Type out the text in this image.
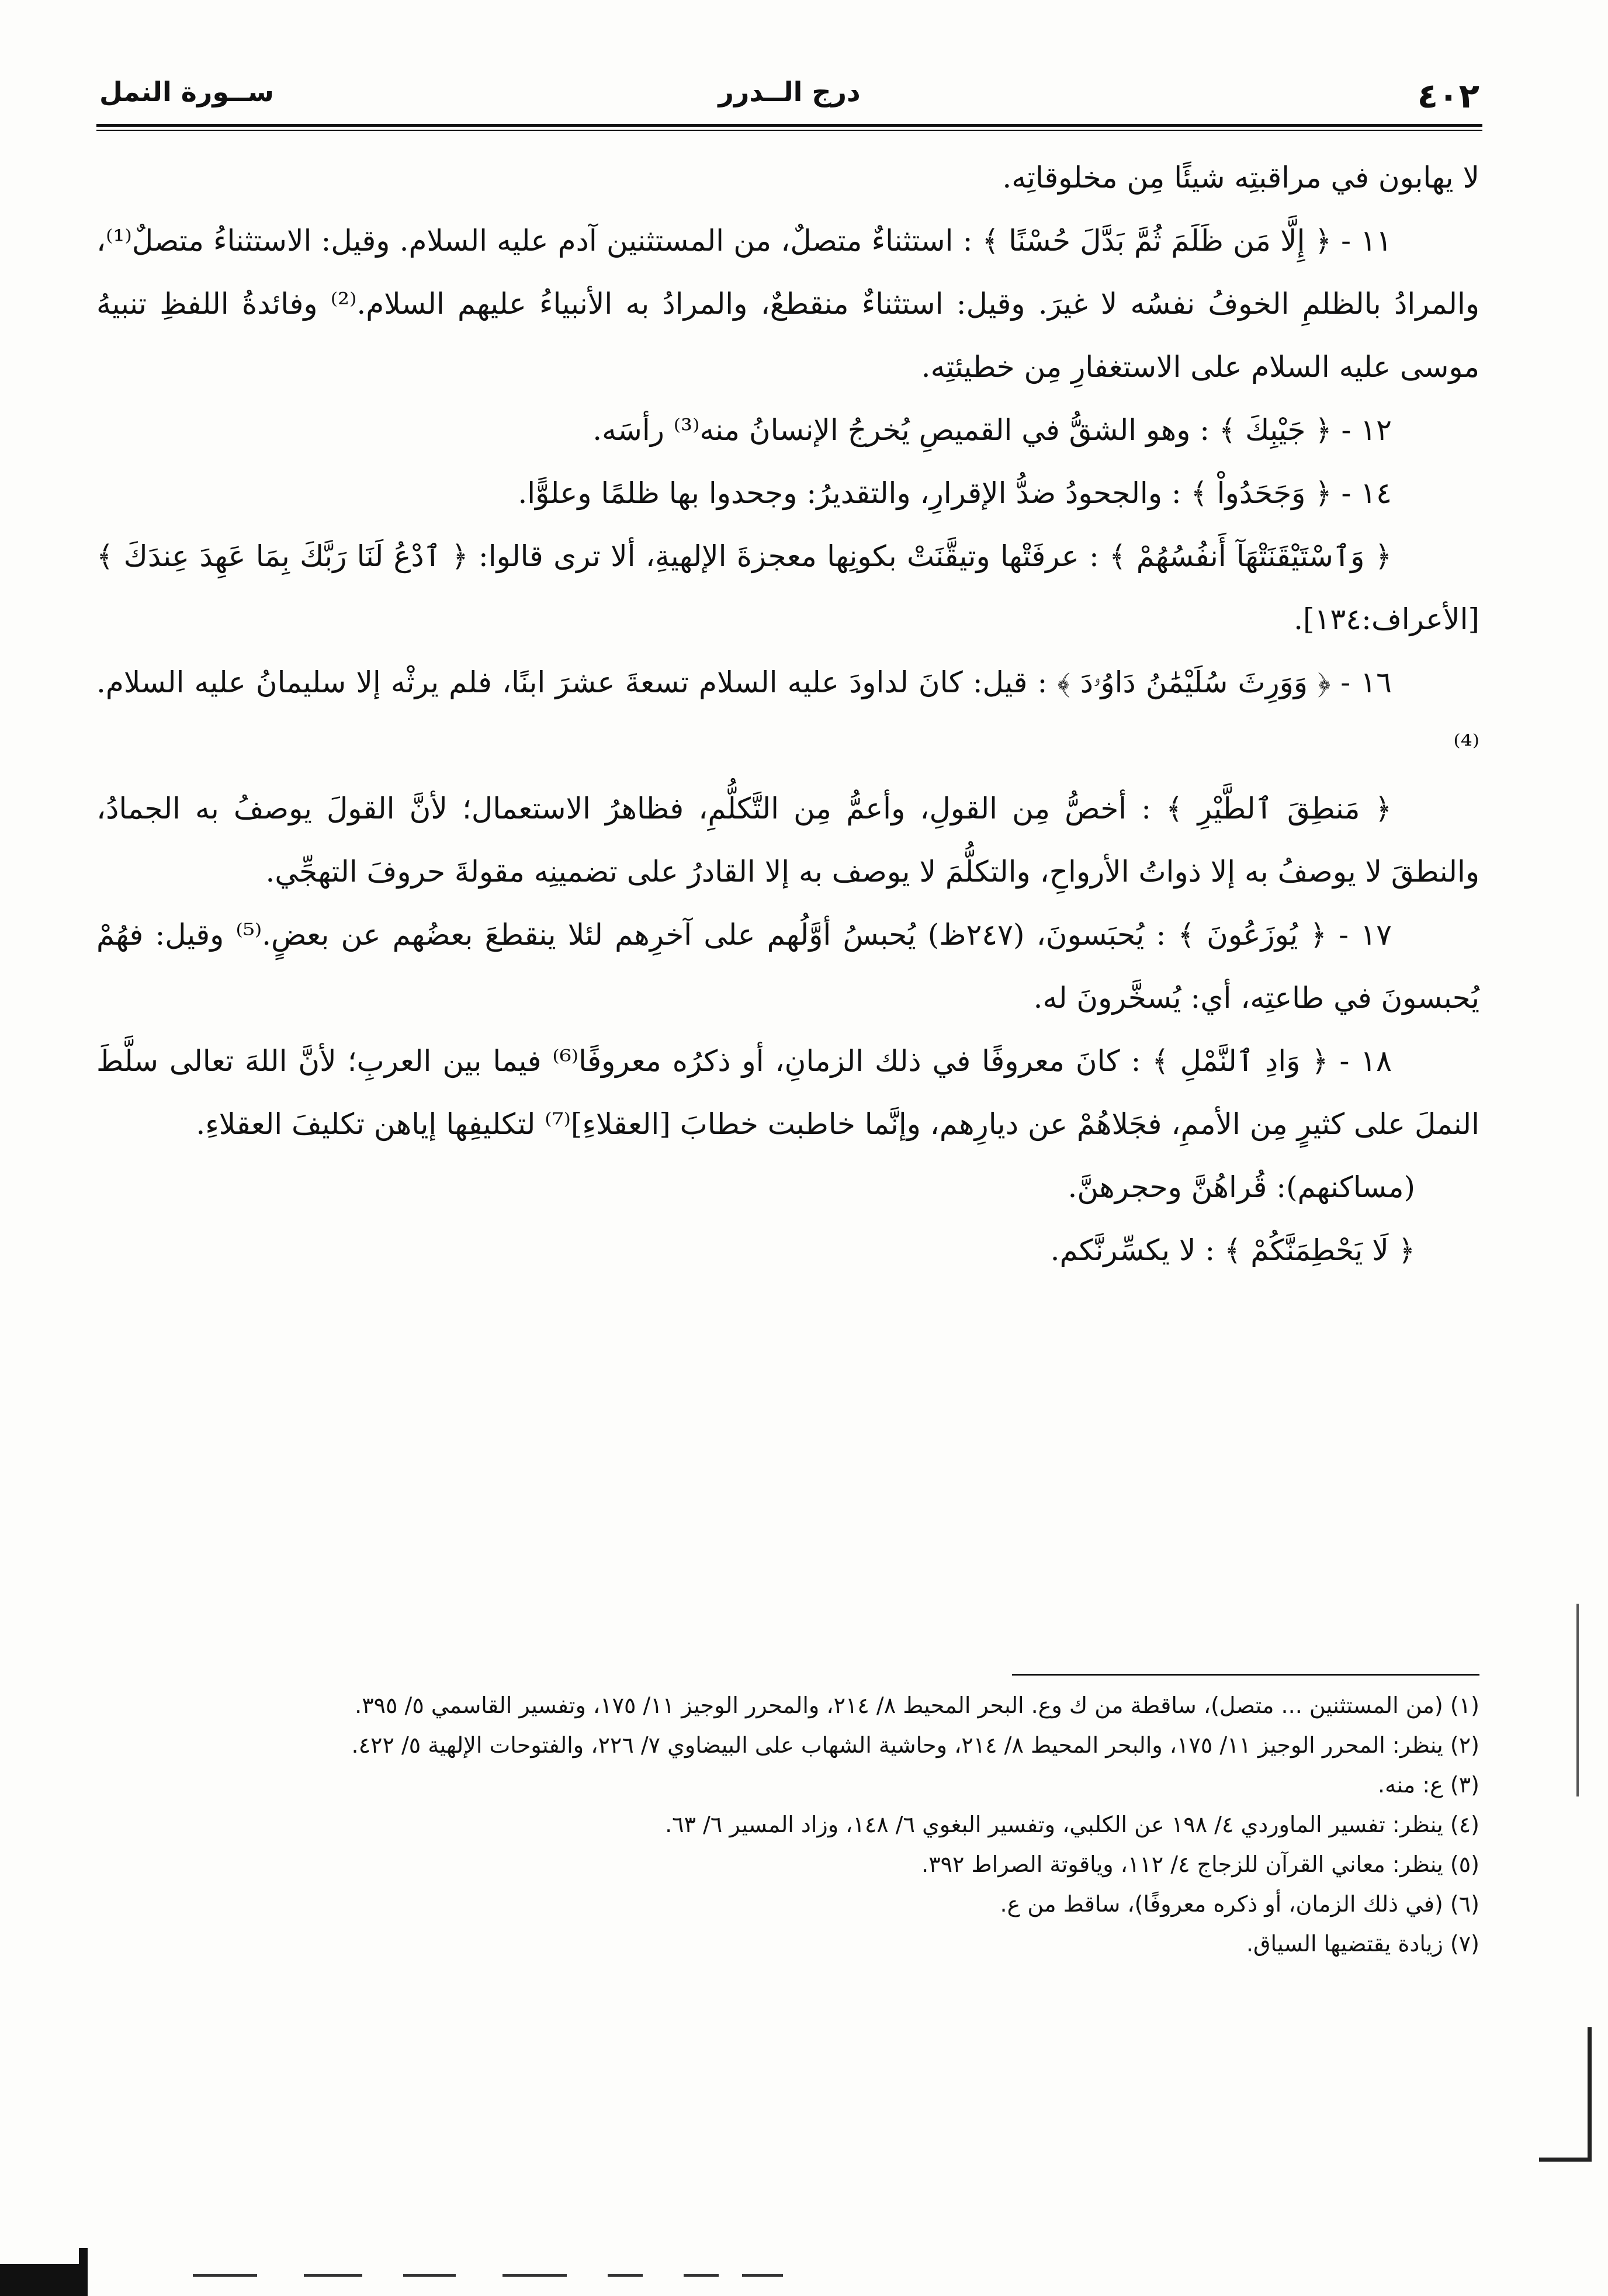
٤٠٢
درج الــدرر
ســورة النمل

لا يهابون في مراقبتِه شيئًا مِن مخلوقاتِه.

١١ - ﴿ إِلَّا مَن ظَلَمَ ثُمَّ بَدَّلَ حُسْنًا ﴾ : استثناءٌ متصلٌ، من المستثنين آدم عليه السلام. وقيل: الاستثناءُ متصلٌ⁽¹⁾، والمرادُ بالظلمِ الخوفُ نفسُه لا غيرَ. وقيل: استثناءٌ منقطعٌ، والمرادُ به الأنبياءُ عليهم السلام.⁽²⁾ وفائدةُ اللفظِ تنبيهُ موسى عليه السلام على الاستغفارِ مِن خطيئتِه.

١٢ - ﴿ جَيْبِكَ ﴾ : وهو الشقُّ في القميصِ يُخرجُ الإنسانُ منه⁽³⁾ رأسَه.

١٤ - ﴿ وَجَحَدُواْ ﴾ : والجحودُ ضدُّ الإقرارِ، والتقديرُ: وجحدوا بها ظلمًا وعلوًّا.

﴿ وَٱسْتَيْقَنَتْهَآ أَنفُسُهُمْ ﴾ : عرفَتْها وتيقَّنَتْ بكونِها معجزةَ الإلهيةِ، ألا ترى قالوا: ﴿ ٱدْعُ لَنَا رَبَّكَ بِمَا عَهِدَ عِندَكَ ﴾ [الأعراف:١٣٤].

١٦ - ﴿ وَوَرِثَ سُلَيْمَٰنُ دَاوُۥدَ ﴾ : قيل: كانَ لداودَ عليه السلام تسعةَ عشرَ ابنًا، فلم يرثْه إلا سليمانُ عليه السلام.⁽⁴⁾

﴿ مَنطِقَ ٱلطَّيْرِ ﴾ : أخصُّ مِن القولِ، وأعمُّ مِن التَّكلُّمِ، فظاهرُ الاستعمال؛ لأنَّ القولَ يوصفُ به الجمادُ، والنطقَ لا يوصفُ به إلا ذواتُ الأرواحِ، والتكلُّمَ لا يوصف به إلا القادرُ على تضمينِه مقولةَ حروفَ التهجِّي.

١٧ - ﴿ يُوزَعُونَ ﴾ : يُحبَسونَ، (٢٤٧ظ) يُحبسُ أوَّلُهم على آخرِهم لئلا ينقطعَ بعضُهم عن بعضٍ.⁽⁵⁾ وقيل: فهُمْ يُحبسونَ في طاعتِه، أي: يُسخَّرونَ له.

١٨ - ﴿ وَادِ ٱلنَّمْلِ ﴾ : كانَ معروفًا في ذلك الزمانِ، أو ذكرُه معروفًا⁽⁶⁾ فيما بين العربِ؛ لأنَّ اللهَ تعالى سلَّطَ النملَ على كثيرٍ مِن الأممِ، فجَلاهُمْ عن ديارِهم، وإنَّما خاطبت خطابَ [العقلاءِ]⁽⁷⁾ لتكليفِها إياهن تكليفَ العقلاءِ.

(مساكنهم): قُراهُنَّ وحجرهنَّ.

﴿ لَا يَحْطِمَنَّكُمْ ﴾ : لا يكسِّرنَّكم.

(١) (من المستثنين ... متصل)، ساقطة من ك وع. البحر المحيط ٨/ ٢١٤، والمحرر الوجيز ١١/ ١٧٥، وتفسير القاسمي ٥/ ٣٩٥.

(٢) ينظر: المحرر الوجيز ١١/ ١٧٥، والبحر المحيط ٨/ ٢١٤، وحاشية الشهاب على البيضاوي ٧/ ٢٢٦، والفتوحات الإلهية ٥/ ٤٢٢.

(٣) ع: منه.

(٤) ينظر: تفسير الماوردي ٤/ ١٩٨ عن الكلبي، وتفسير البغوي ٦/ ١٤٨، وزاد المسير ٦/ ٦٣.

(٥) ينظر: معاني القرآن للزجاج ٤/ ١١٢، وياقوتة الصراط ٣٩٢.

(٦) (في ذلك الزمان، أو ذكره معروفًا)، ساقط من ع.

(٧) زيادة يقتضيها السياق.
